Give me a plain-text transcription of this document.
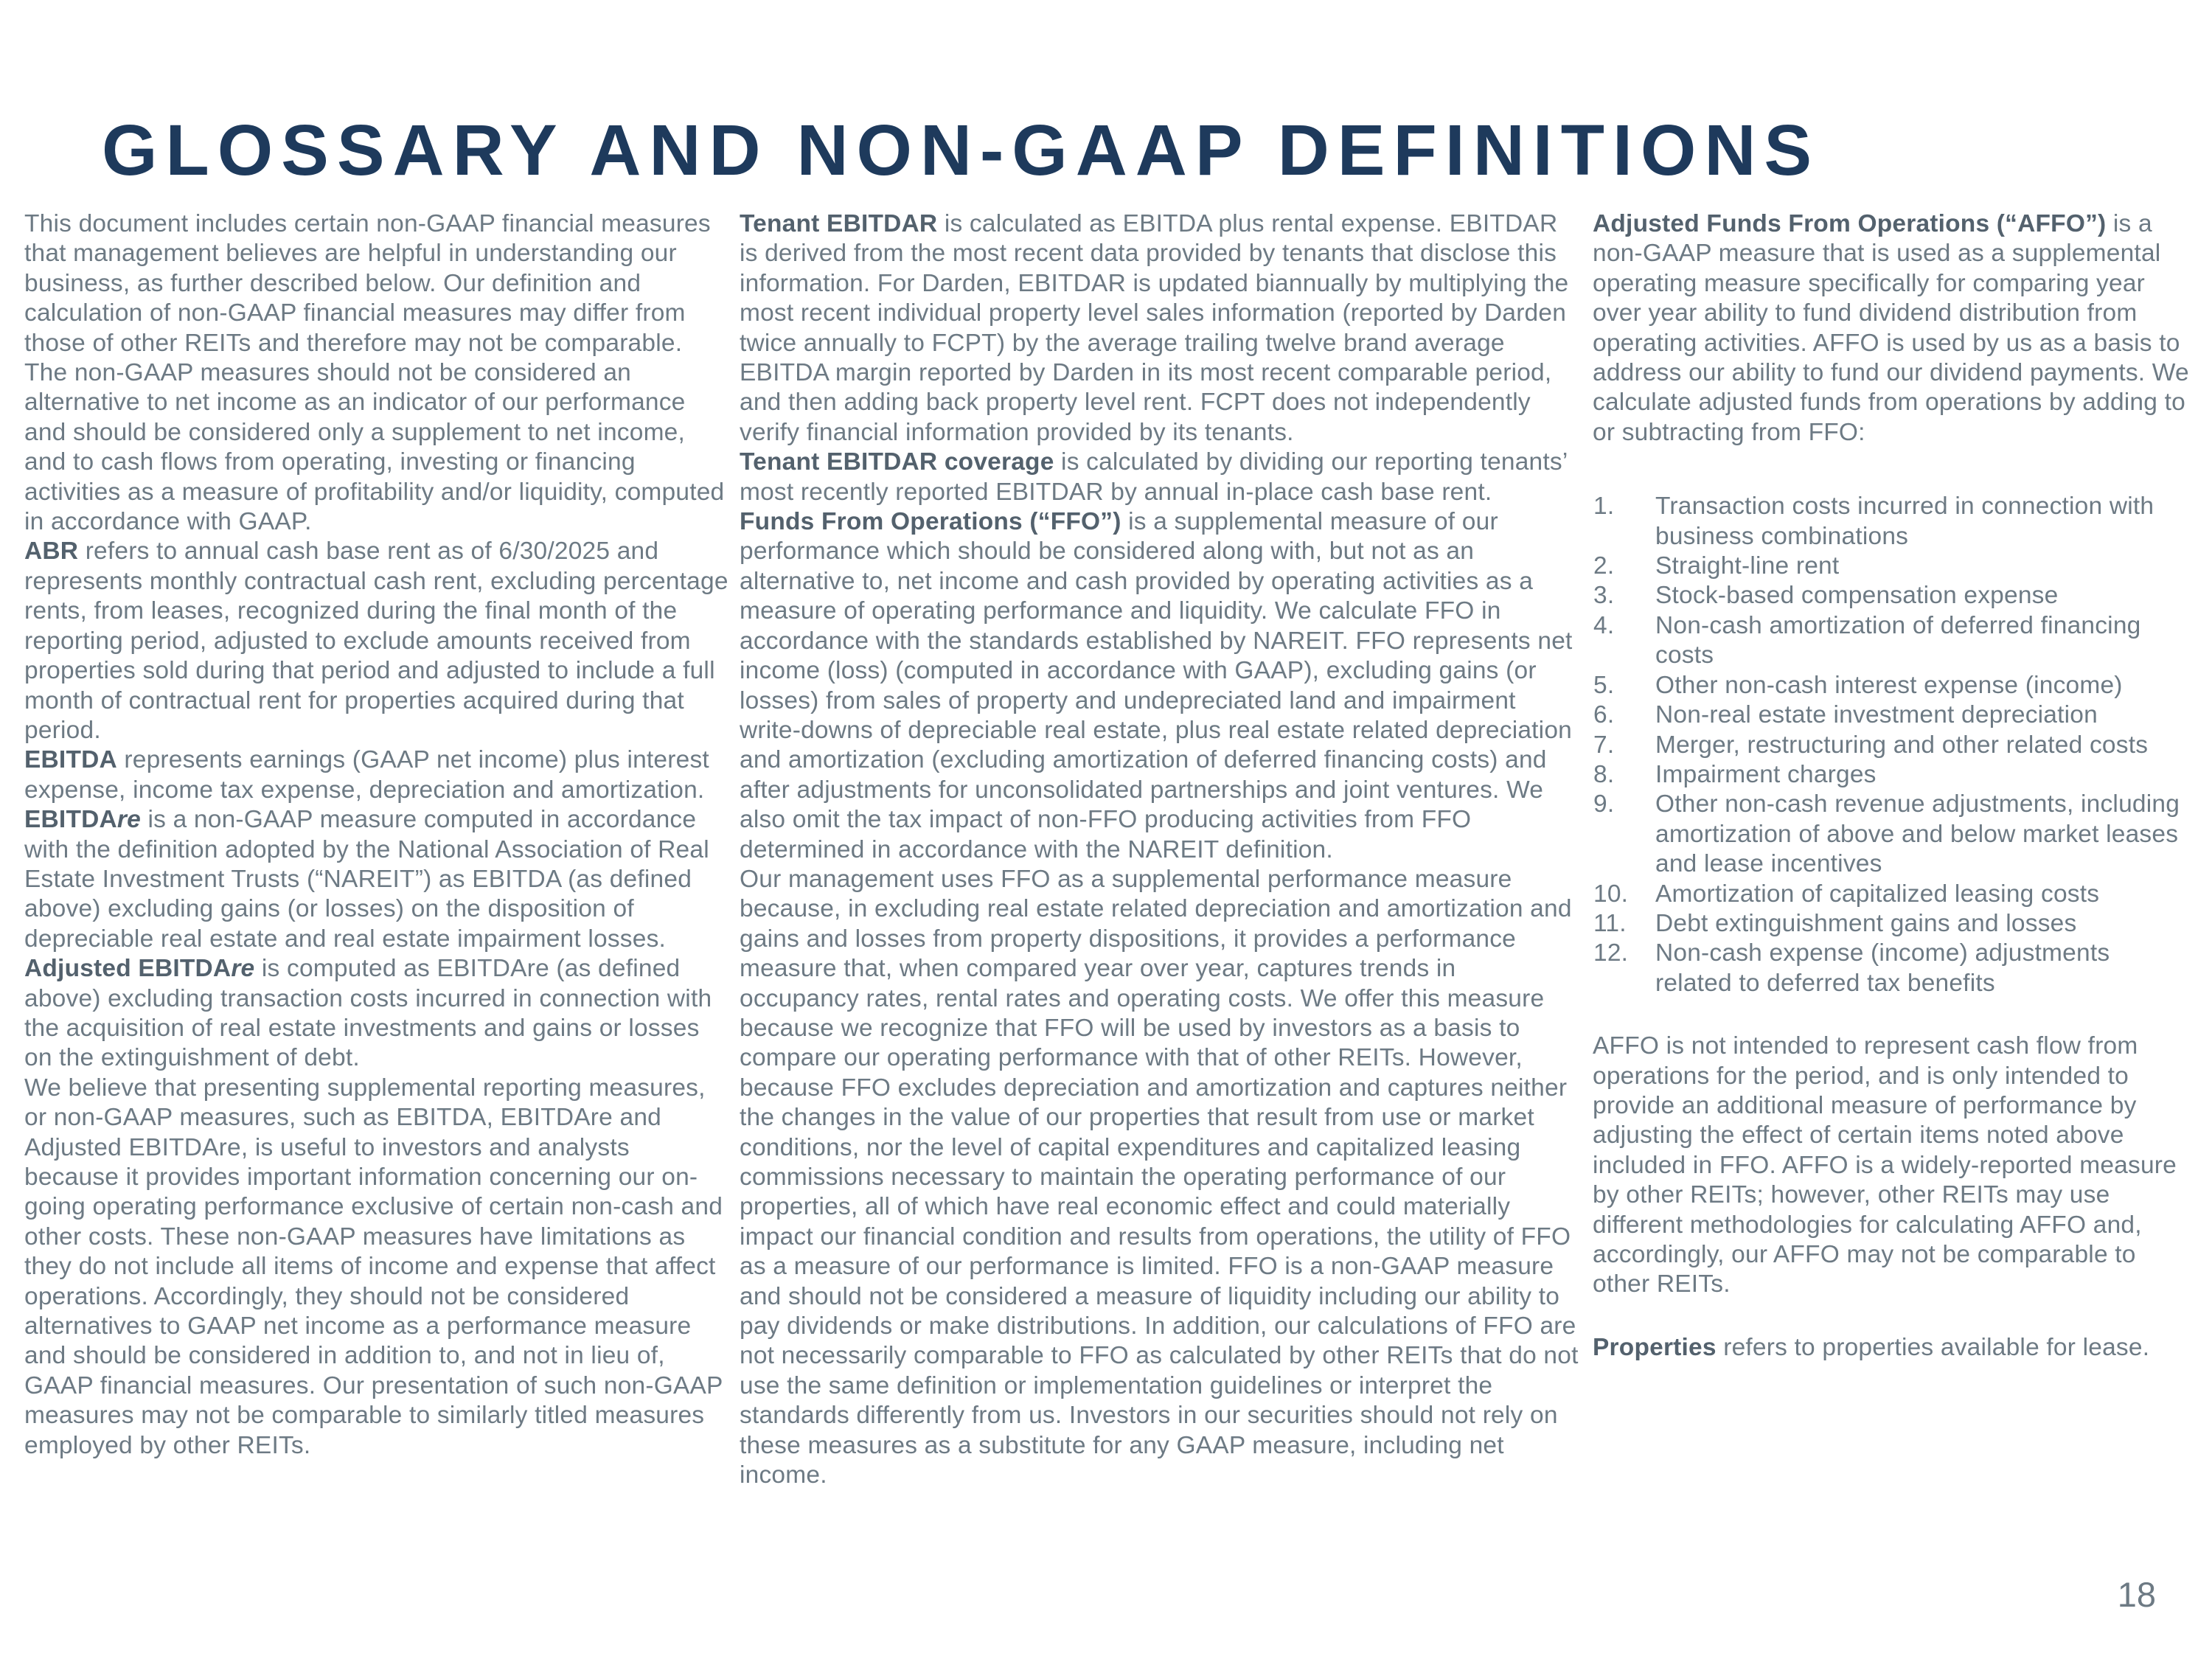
GLOSSARY AND NON-GAAP DEFINITIONS

This document includes certain non-GAAP financial measures that management believes are helpful in understanding our business, as further described below. Our definition and calculation of non-GAAP financial measures may differ from those of other REITs and therefore may not be comparable. The non-GAAP measures should not be considered an alternative to net income as an indicator of our performance and should be considered only a supplement to net income, and to cash flows from operating, investing or financing activities as a measure of profitability and/or liquidity, computed in accordance with GAAP.

ABR refers to annual cash base rent as of 6/30/2025 and represents monthly contractual cash rent, excluding percentage rents, from leases, recognized during the final month of the reporting period, adjusted to exclude amounts received from properties sold during that period and adjusted to include a full month of contractual rent for properties acquired during that period.

EBITDA represents earnings (GAAP net income) plus interest expense, income tax expense, depreciation and amortization.

EBITDAre is a non-GAAP measure computed in accordance with the definition adopted by the National Association of Real Estate Investment Trusts (“NAREIT”) as EBITDA (as defined above) excluding gains (or losses) on the disposition of depreciable real estate and real estate impairment losses.

Adjusted EBITDAre is computed as EBITDAre (as defined above) excluding transaction costs incurred in connection with the acquisition of real estate investments and gains or losses on the extinguishment of debt.

We believe that presenting supplemental reporting measures, or non-GAAP measures, such as EBITDA, EBITDAre and Adjusted EBITDAre, is useful to investors and analysts because it provides important information concerning our on-going operating performance exclusive of certain non-cash and other costs. These non-GAAP measures have limitations as they do not include all items of income and expense that affect operations. Accordingly, they should not be considered alternatives to GAAP net income as a performance measure and should be considered in addition to, and not in lieu of, GAAP financial measures. Our presentation of such non-GAAP measures may not be comparable to similarly titled measures employed by other REITs.

Tenant EBITDAR is calculated as EBITDA plus rental expense. EBITDAR is derived from the most recent data provided by tenants that disclose this information. For Darden, EBITDAR is updated biannually by multiplying the most recent individual property level sales information (reported by Darden twice annually to FCPT) by the average trailing twelve brand average EBITDA margin reported by Darden in its most recent comparable period, and then adding back property level rent. FCPT does not independently verify financial information provided by its tenants.

Tenant EBITDAR coverage is calculated by dividing our reporting tenants’ most recently reported EBITDAR by annual in-place cash base rent.

Funds From Operations (“FFO”) is a supplemental measure of our performance which should be considered along with, but not as an alternative to, net income and cash provided by operating activities as a measure of operating performance and liquidity. We calculate FFO in accordance with the standards established by NAREIT. FFO represents net income (loss) (computed in accordance with GAAP), excluding gains (or losses) from sales of property and undepreciated land and impairment write-downs of depreciable real estate, plus real estate related depreciation and amortization (excluding amortization of deferred financing costs) and after adjustments for unconsolidated partnerships and joint ventures. We also omit the tax impact of non-FFO producing activities from FFO determined in accordance with the NAREIT definition.

Our management uses FFO as a supplemental performance measure because, in excluding real estate related depreciation and amortization and gains and losses from property dispositions, it provides a performance measure that, when compared year over year, captures trends in occupancy rates, rental rates and operating costs. We offer this measure because we recognize that FFO will be used by investors as a basis to compare our operating performance with that of other REITs. However, because FFO excludes depreciation and amortization and captures neither the changes in the value of our properties that result from use or market conditions, nor the level of capital expenditures and capitalized leasing commissions necessary to maintain the operating performance of our properties, all of which have real economic effect and could materially impact our financial condition and results from operations, the utility of FFO as a measure of our performance is limited. FFO is a non-GAAP measure and should not be considered a measure of liquidity including our ability to pay dividends or make distributions. In addition, our calculations of FFO are not necessarily comparable to FFO as calculated by other REITs that do not use the same definition or implementation guidelines or interpret the standards differently from us. Investors in our securities should not rely on these measures as a substitute for any GAAP measure, including net income.

Adjusted Funds From Operations (“AFFO”) is a non-GAAP measure that is used as a supplemental operating measure specifically for comparing year over year ability to fund dividend distribution from operating activities. AFFO is used by us as a basis to address our ability to fund our dividend payments. We calculate adjusted funds from operations by adding to or subtracting from FFO:

Transaction costs incurred in connection with business combinations
Straight-line rent
Stock-based compensation expense
Non-cash amortization of deferred financing costs
Other non-cash interest expense (income)
Non-real estate investment depreciation
Merger, restructuring and other related costs
Impairment charges
Other non-cash revenue adjustments, including amortization of above and below market leases and lease incentives
Amortization of capitalized leasing costs
Debt extinguishment gains and losses
Non-cash expense (income) adjustments related to deferred tax benefits

AFFO is not intended to represent cash flow from operations for the period, and is only intended to provide an additional measure of performance by adjusting the effect of certain items noted above included in FFO. AFFO is a widely-reported measure by other REITs; however, other REITs may use different methodologies for calculating AFFO and, accordingly, our AFFO may not be comparable to other REITs.

Properties refers to properties available for lease.

18
